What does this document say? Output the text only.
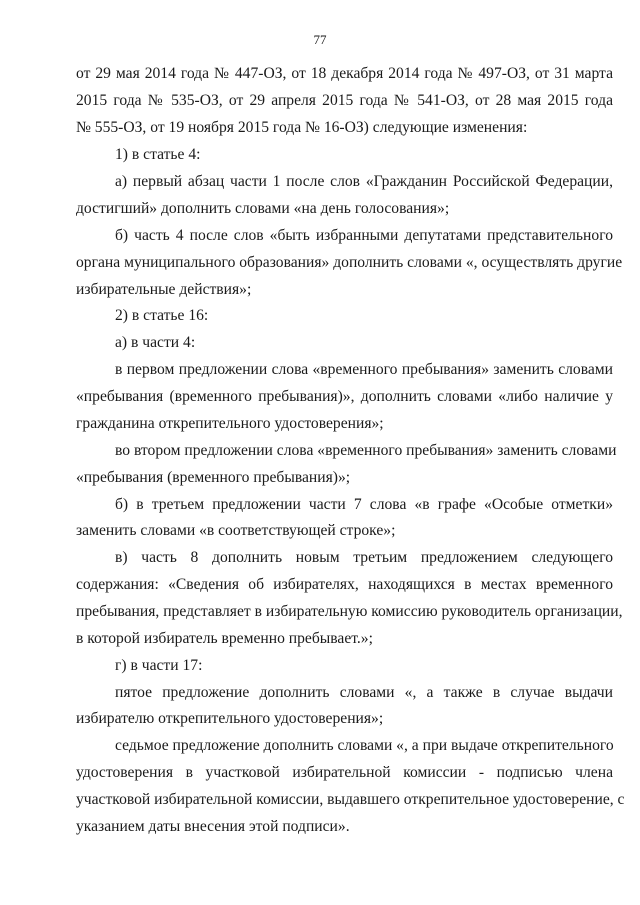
77
от 29 мая 2014 года № 447-ОЗ, от 18 декабря 2014 года № 497-ОЗ, от 31 марта
2015 года № 535-ОЗ, от 29 апреля 2015 года № 541-ОЗ, от 28 мая 2015 года
№ 555-ОЗ, от 19 ноября 2015 года № 16-ОЗ) следующие изменения:
1) в статье 4:
а) первый абзац части 1 после слов «Гражданин Российской Федерации,
достигший» дополнить словами «на день голосования»;
б) часть 4 после слов «быть избранными депутатами представительного
органа муниципального образования» дополнить словами «, осуществлять другие
избирательные действия»;
2) в статье 16:
а) в части 4:
в первом предложении слова «временного пребывания» заменить словами
«пребывания (временного пребывания)», дополнить словами «либо наличие у
гражданина открепительного удостоверения»;
во втором предложении слова «временного пребывания» заменить словами
«пребывания (временного пребывания)»;
б) в третьем предложении части 7 слова «в графе «Особые отметки»
заменить словами «в соответствующей строке»;
в) часть 8 дополнить новым третьим предложением следующего
содержания: «Сведения об избирателях, находящихся в местах временного
пребывания, представляет в избирательную комиссию руководитель организации,
в которой избиратель временно пребывает.»;
г) в части 17:
пятое предложение дополнить словами «, а также в случае выдачи
избирателю открепительного удостоверения»;
седьмое предложение дополнить словами «, а при выдаче открепительного
удостоверения в участковой избирательной комиссии - подписью члена
участковой избирательной комиссии, выдавшего открепительное удостоверение, с
указанием даты внесения этой подписи».
